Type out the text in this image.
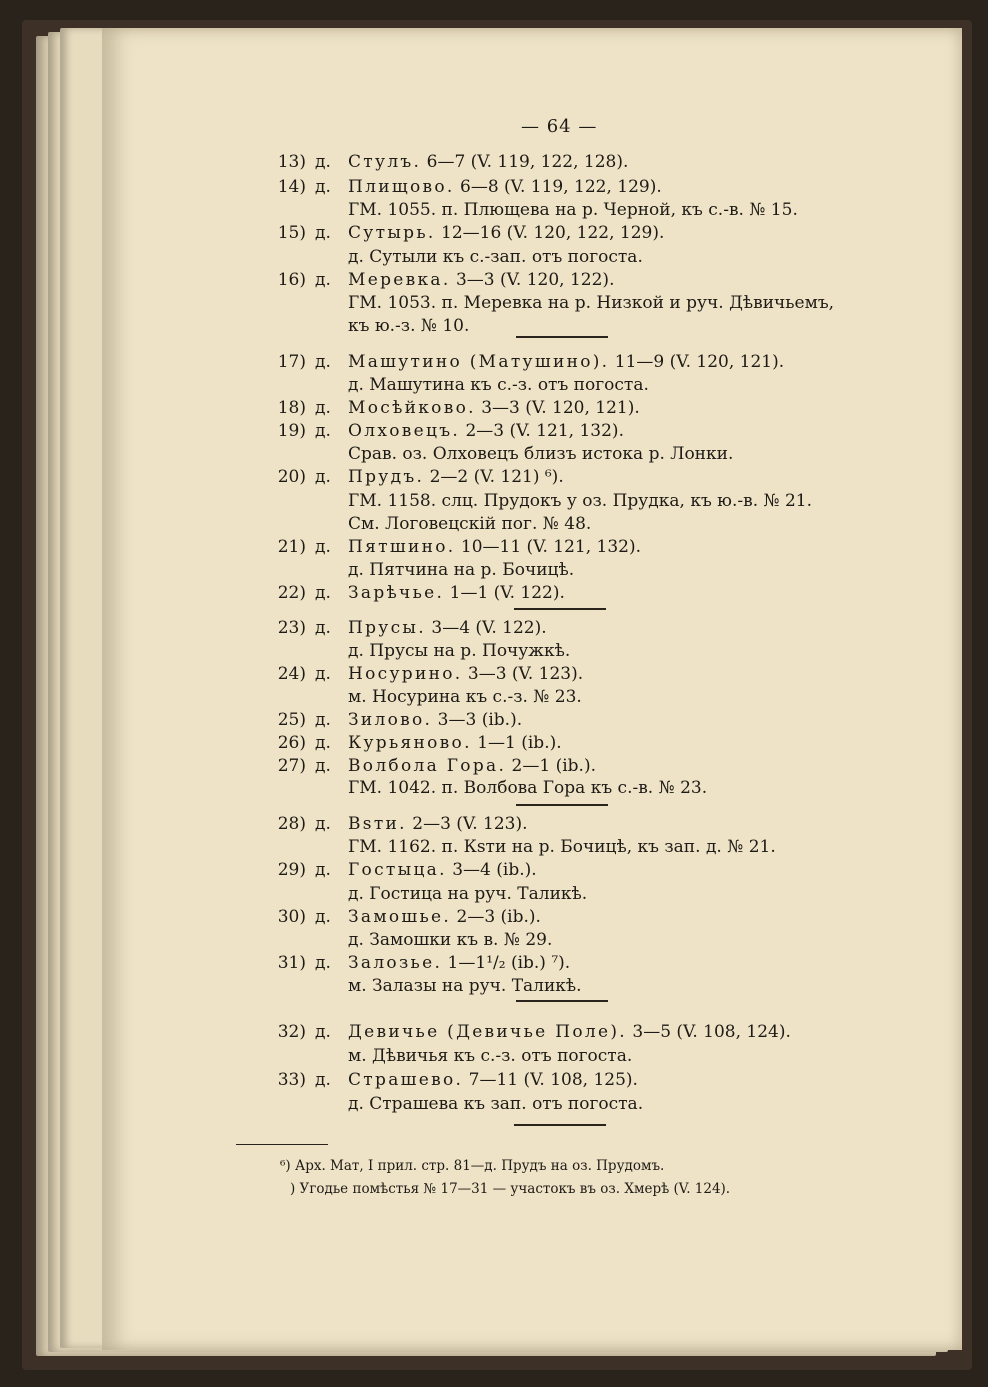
— 64 —
13) д. Стулъ. 6—7 (V. 119, 122, 128).
14) д. Плищово. 6—8 (V. 119, 122, 129).
ГМ. 1055. п. Плющева на р. Черной, къ с.-в. № 15.
15) д. Сутырь. 12—16 (V. 120, 122, 129).
д. Сутыли къ с.-зап. отъ погоста.
16) д. Меревка. 3—3 (V. 120, 122).
ГМ. 1053. п. Меревка на р. Низкой и руч. Дѣвичьемъ,
къ ю.-з. № 10.
17) д. Машутино (Матушино). 11—9 (V. 120, 121).
д. Машутина къ с.-з. отъ погоста.
18) д. Мосѣйково. 3—3 (V. 120, 121).
19) д. Олховецъ. 2—3 (V. 121, 132).
Срав. оз. Олховецъ близъ истока р. Лонки.
20) д. Прудъ. 2—2 (V. 121) ⁶).
ГМ. 1158. слц. Прудокъ у оз. Прудка, къ ю.-в. № 21.
См. Логовецскій пог. № 48.
21) д. Пятшино. 10—11 (V. 121, 132).
д. Пятчина на р. Бочицѣ.
22) д. Зарѣчье. 1—1 (V. 122).
23) д. Прусы. 3—4 (V. 122).
д. Прусы на р. Почужкѣ.
24) д. Носурино. 3—3 (V. 123).
м. Носурина къ с.-з. № 23.
25) д. Зилово. 3—3 (ib.).
26) д. Курьяново. 1—1 (ib.).
27) д. Волбола Гора. 2—1 (ib.).
ГМ. 1042. п. Волбова Гора къ с.-в. № 23.
28) д. Вsти. 2—3 (V. 123).
ГМ. 1162. п. Кsти на р. Бочицѣ, къ зап. д. № 21.
29) д. Гостыца. 3—4 (ib.).
д. Гостица на руч. Таликѣ.
30) д. Замошье. 2—3 (ib.).
д. Замошки къ в. № 29.
31) д. Залозье. 1—1¹/₂ (ib.) ⁷).
м. Залазы на руч. Таликѣ.
32) д. Девичье (Девичье Поле). 3—5 (V. 108, 124).
м. Дѣвичья къ с.-з. отъ погоста.
33) д. Страшево. 7—11 (V. 108, 125).
д. Страшева къ зап. отъ погоста.
⁶) Арх. Мат, I прил. стр. 81—д. Прудъ на оз. Прудомъ.
) Угодье помѣстья № 17—31 — участокъ въ оз. Хмерѣ (V. 124).
